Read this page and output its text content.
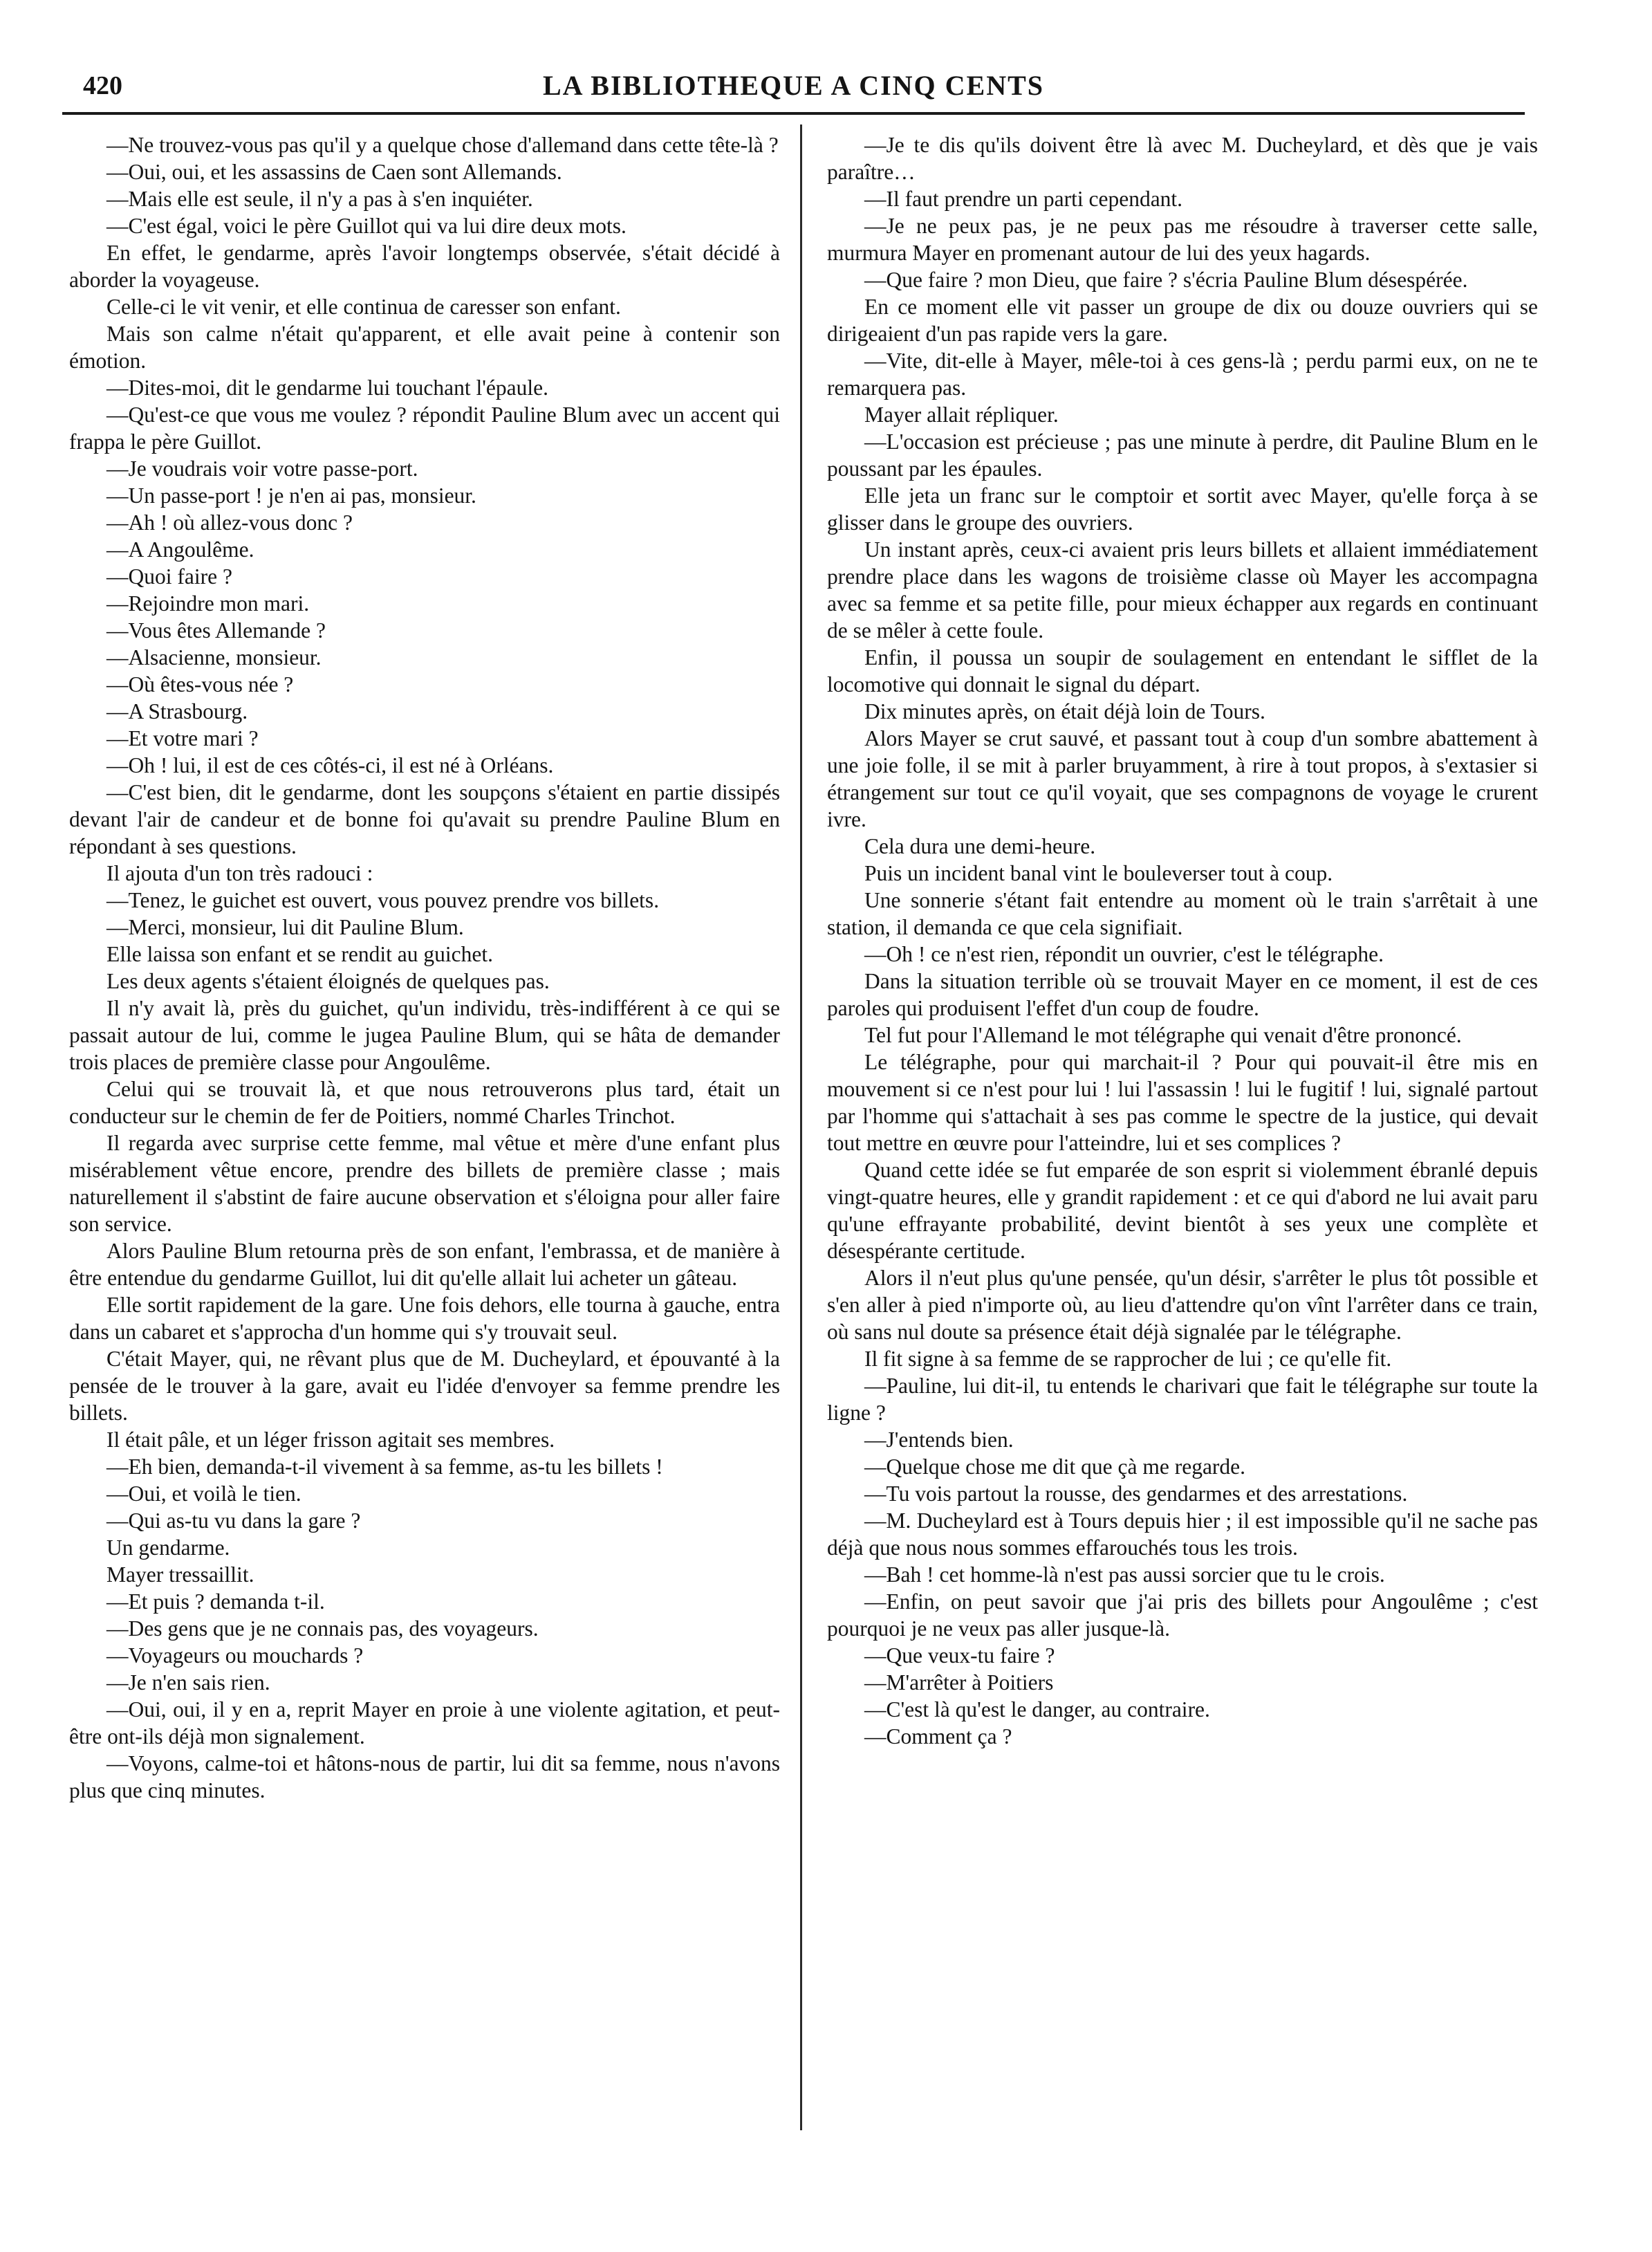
420	LA BIBLIOTHEQUE A CINQ CENTS

—Ne trouvez-vous pas qu'il y a quelque chose d'allemand dans cette tête-là ?

—Oui, oui, et les assassins de Caen sont Allemands.

—Mais elle est seule, il n'y a pas à s'en inquiéter.

—C'est égal, voici le père Guillot qui va lui dire deux mots.

En effet, le gendarme, après l'avoir longtemps observée, s'était décidé à aborder la voyageuse.

Celle-ci le vit venir, et elle continua de caresser son enfant.

Mais son calme n'était qu'apparent, et elle avait peine à contenir son émotion.

—Dites-moi, dit le gendarme lui touchant l'épaule.

—Qu'est-ce que vous me voulez ? répondit Pauline Blum avec un accent qui frappa le père Guillot.

—Je voudrais voir votre passe-port.

—Un passe-port ! je n'en ai pas, monsieur.

—Ah ! où allez-vous donc ?

—A Angoulême.

—Quoi faire ?

—Rejoindre mon mari.

—Vous êtes Allemande ?

—Alsacienne, monsieur.

—Où êtes-vous née ?

—A Strasbourg.

—Et votre mari ?

—Oh ! lui, il est de ces côtés-ci, il est né à Orléans.

—C'est bien, dit le gendarme, dont les soupçons s'étaient en partie dissipés devant l'air de candeur et de bonne foi qu'avait su prendre Pauline Blum en répondant à ses questions.

Il ajouta d'un ton très radouci :

—Tenez, le guichet est ouvert, vous pouvez prendre vos billets.

—Merci, monsieur, lui dit Pauline Blum.

Elle laissa son enfant et se rendit au guichet.

Les deux agents s'étaient éloignés de quelques pas.

Il n'y avait là, près du guichet, qu'un individu, très-indifférent à ce qui se passait autour de lui, comme le jugea Pauline Blum, qui se hâta de demander trois places de première classe pour Angoulême.

Celui qui se trouvait là, et que nous retrouverons plus tard, était un conducteur sur le chemin de fer de Poitiers, nommé Charles Trinchot.

Il regarda avec surprise cette femme, mal vêtue et mère d'une enfant plus misérablement vêtue encore, prendre des billets de première classe ; mais naturellement il s'abstint de faire aucune observation et s'éloigna pour aller faire son service.

Alors Pauline Blum retourna près de son enfant, l'embrassa, et de manière à être entendue du gendarme Guillot, lui dit qu'elle allait lui acheter un gâteau.

Elle sortit rapidement de la gare. Une fois dehors, elle tourna à gauche, entra dans un cabaret et s'approcha d'un homme qui s'y trouvait seul.

C'était Mayer, qui, ne rêvant plus que de M. Ducheylard, et épouvanté à la pensée de le trouver à la gare, avait eu l'idée d'envoyer sa femme prendre les billets.

Il était pâle, et un léger frisson agitait ses membres.

—Eh bien, demanda-t-il vivement à sa femme, as-tu les billets !

—Oui, et voilà le tien.

—Qui as-tu vu dans la gare ?

Un gendarme.

Mayer tressaillit.

—Et puis ? demanda t-il.

—Des gens que je ne connais pas, des voyageurs.

—Voyageurs ou mouchards ?

—Je n'en sais rien.

—Oui, oui, il y en a, reprit Mayer en proie à une violente agitation, et peut-être ont-ils déjà mon signalement.

—Voyons, calme-toi et hâtons-nous de partir, lui dit sa femme, nous n'avons plus que cinq minutes.

—Je te dis qu'ils doivent être là avec M. Ducheylard, et dès que je vais paraître…

—Il faut prendre un parti cependant.

—Je ne peux pas, je ne peux pas me résoudre à traverser cette salle, murmura Mayer en promenant autour de lui des yeux hagards.

—Que faire ? mon Dieu, que faire ? s'écria Pauline Blum désespérée.

En ce moment elle vit passer un groupe de dix ou douze ouvriers qui se dirigeaient d'un pas rapide vers la gare.

—Vite, dit-elle à Mayer, mêle-toi à ces gens-là ; perdu parmi eux, on ne te remarquera pas.

Mayer allait répliquer.

—L'occasion est précieuse ; pas une minute à perdre, dit Pauline Blum en le poussant par les épaules.

Elle jeta un franc sur le comptoir et sortit avec Mayer, qu'elle força à se glisser dans le groupe des ouvriers.

Un instant après, ceux-ci avaient pris leurs billets et allaient immédiatement prendre place dans les wagons de troisième classe où Mayer les accompagna avec sa femme et sa petite fille, pour mieux échapper aux regards en continuant de se mêler à cette foule.

Enfin, il poussa un soupir de soulagement en entendant le sifflet de la locomotive qui donnait le signal du départ.

Dix minutes après, on était déjà loin de Tours.

Alors Mayer se crut sauvé, et passant tout à coup d'un sombre abattement à une joie folle, il se mit à parler bruyamment, à rire à tout propos, à s'extasier si étrangement sur tout ce qu'il voyait, que ses compagnons de voyage le crurent ivre.

Cela dura une demi-heure.

Puis un incident banal vint le bouleverser tout à coup.

Une sonnerie s'étant fait entendre au moment où le train s'arrêtait à une station, il demanda ce que cela signifiait.

—Oh ! ce n'est rien, répondit un ouvrier, c'est le télégraphe.

Dans la situation terrible où se trouvait Mayer en ce moment, il est de ces paroles qui produisent l'effet d'un coup de foudre.

Tel fut pour l'Allemand le mot télégraphe qui venait d'être prononcé.

Le télégraphe, pour qui marchait-il ? Pour qui pouvait-il être mis en mouvement si ce n'est pour lui ! lui l'assassin ! lui le fugitif ! lui, signalé partout par l'homme qui s'attachait à ses pas comme le spectre de la justice, qui devait tout mettre en œuvre pour l'atteindre, lui et ses complices ?

Quand cette idée se fut emparée de son esprit si violemment ébranlé depuis vingt-quatre heures, elle y grandit rapidement : et ce qui d'abord ne lui avait paru qu'une effrayante probabilité, devint bientôt à ses yeux une complète et désespérante certitude.

Alors il n'eut plus qu'une pensée, qu'un désir, s'arrêter le plus tôt possible et s'en aller à pied n'importe où, au lieu d'attendre qu'on vînt l'arrêter dans ce train, où sans nul doute sa présence était déjà signalée par le télégraphe.

Il fit signe à sa femme de se rapprocher de lui ; ce qu'elle fit.

—Pauline, lui dit-il, tu entends le charivari que fait le télégraphe sur toute la ligne ?

—J'entends bien.

—Quelque chose me dit que çà me regarde.

—Tu vois partout la rousse, des gendarmes et des arrestations.

—M. Ducheylard est à Tours depuis hier ; il est impossible qu'il ne sache pas déjà que nous nous sommes effarouchés tous les trois.

—Bah ! cet homme-là n'est pas aussi sorcier que tu le crois.

—Enfin, on peut savoir que j'ai pris des billets pour Angoulême ; c'est pourquoi je ne veux pas aller jusque-là.

—Que veux-tu faire ?

—M'arrêter à Poitiers

—C'est là qu'est le danger, au contraire.

—Comment ça ?
